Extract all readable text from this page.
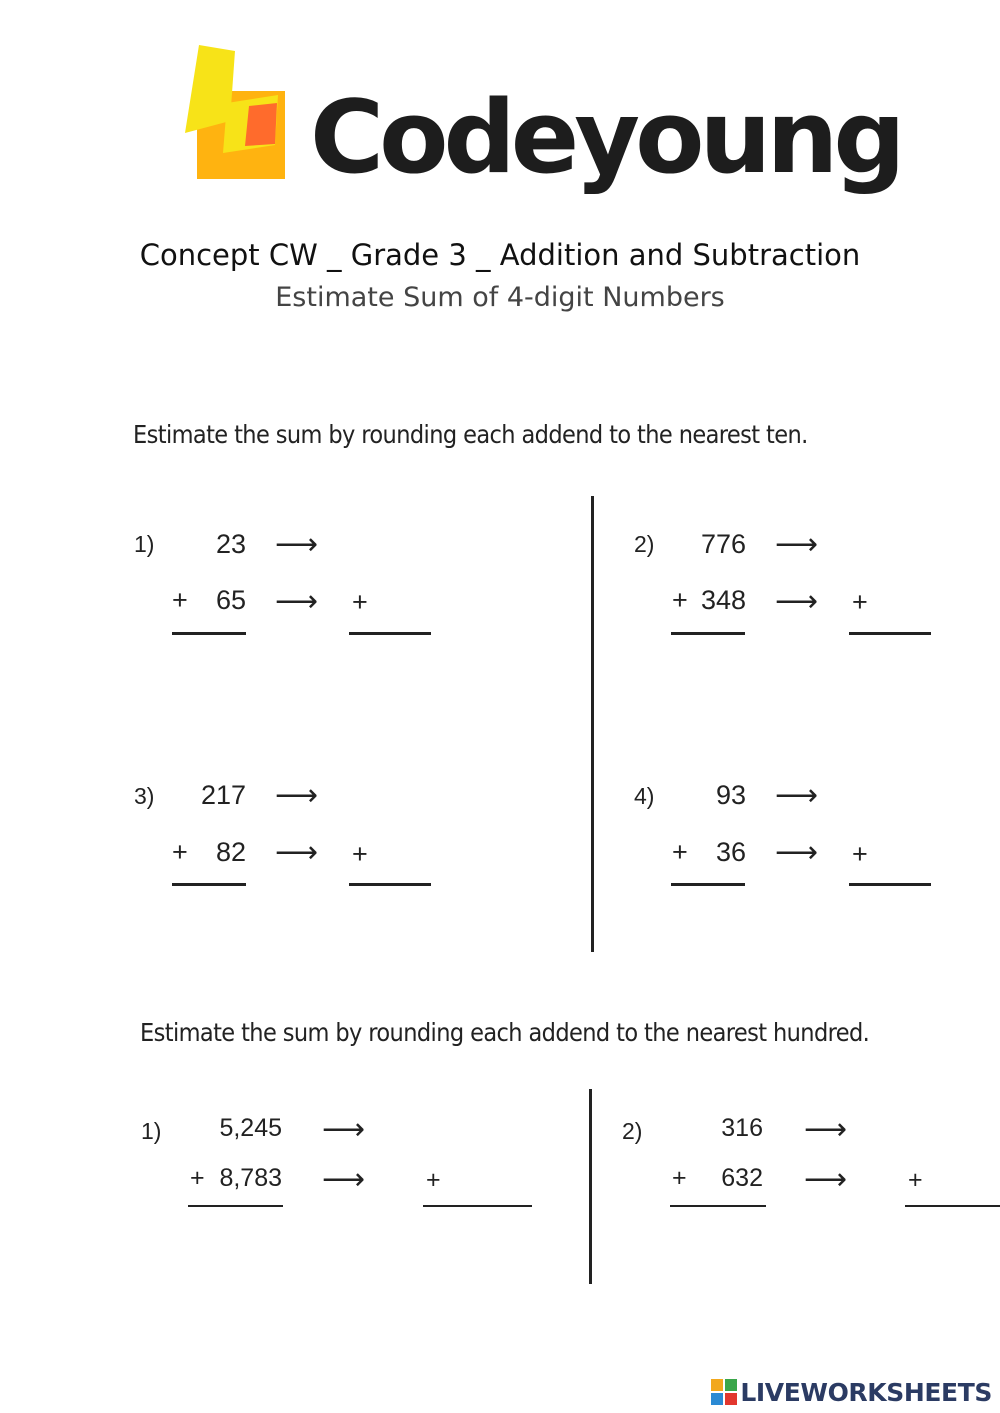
Codeyoung
Concept CW _ Grade 3 _ Addition and Subtraction
Estimate Sum of 4-digit Numbers
Estimate the sum by rounding each addend to the nearest ten.
1)	23 ⟶
+	65 ⟶ +
2)	776 ⟶
+ 348 ⟶ +
3)	217 ⟶
+	82 ⟶ +
4)	93 ⟶
+	36 ⟶ +
Estimate the sum by rounding each addend to the nearest hundred.
1)	5,245 ⟶
+ 8,783 ⟶ +
2)	316 ⟶
+	632 ⟶ +
LIVEWORKSHEETS
